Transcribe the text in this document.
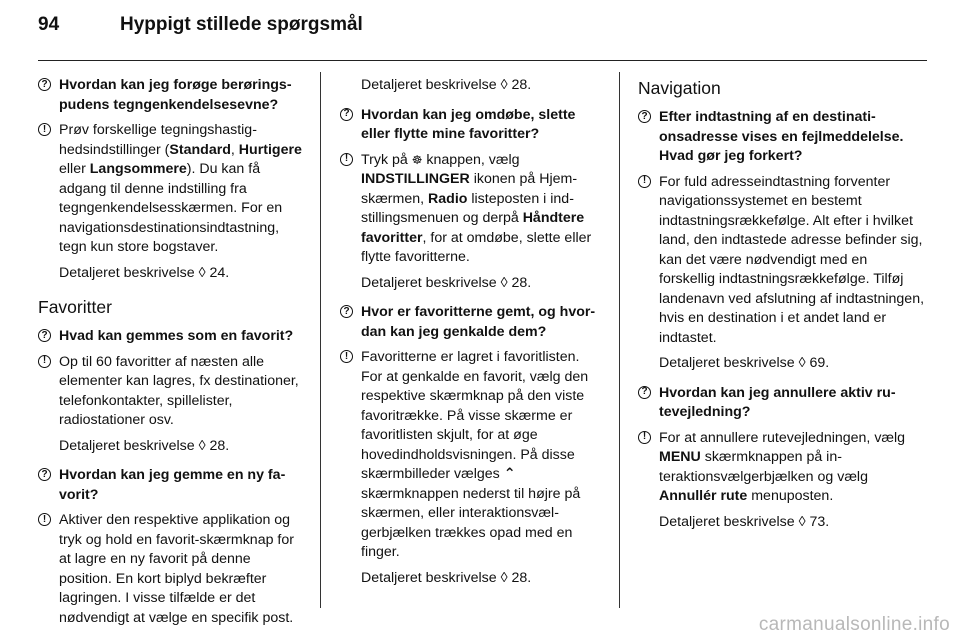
94	Hyppigt stillede spørgsmål
? Hvordan kan jeg forøge berøringspudens tegngenkendelsesevne?
! Prøv forskellige tegningshastighedsindstillinger (Standard, Hurtigere eller Langsommere). Du kan få adgang til denne indstilling fra tegngenkendelsesskærmen. For en navigationsdestinationsindtastning, tegn kun store bogstaver.
Detaljeret beskrivelse ◊ 24.
Favoritter
? Hvad kan gemmes som en favorit?
! Op til 60 favoritter af næsten alle elementer kan lagres, fx destinationer, telefonkontakter, spillelister, radiostationer osv.
Detaljeret beskrivelse ◊ 28.
? Hvordan kan jeg gemme en ny favorit?
! Aktiver den respektive applikation og tryk og hold en favorit-skærmknap for at lagre en ny favorit på denne position. En kort biplyd bekræfter lagringen. I visse tilfælde er det nødvendigt at vælge en specifik post.
Detaljeret beskrivelse ◊ 28.
? Hvordan kan jeg omdøbe, slette eller flytte mine favoritter?
! Tryk på ☸ knappen, vælg INDSTILLINGER ikonen på Hjemskærmen, Radio listeposten i indstillingsmenuen og derpå Håndtere favoritter, for at omdøbe, slette eller flytte favoritterne.
Detaljeret beskrivelse ◊ 28.
? Hvor er favoritterne gemt, og hvordan kan jeg genkalde dem?
! Favoritterne er lagret i favoritlisten. For at genkalde en favorit, vælg den respektive skærmknap på den viste favoritrække. På visse skærme er favoritlisten skjult, for at øge hovedindholdsvisningen. På disse skærmbilleder vælges ⌃ skærmknappen nederst til højre på skærmen, eller interaktionsvælgerbjælken trækkes opad med en finger.
Detaljeret beskrivelse ◊ 28.
Navigation
? Efter indtastning af en destinationsadresse vises en fejlmeddelelse. Hvad gør jeg forkert?
! For fuld adresseindtastning forventer navigationssystemet en bestemt indtastningsrækkefølge. Alt efter i hvilket land, den indtastede adresse befinder sig, kan det være nødvendigt med en forskellig indtastningsrækkefølge. Tilføj landenavn ved afslutning af indtastningen, hvis en destination i et andet land er indtastet.
Detaljeret beskrivelse ◊ 69.
? Hvordan kan jeg annullere aktiv rutevejledning?
! For at annullere rutevejledningen, vælg MENU skærmknappen på interaktionsvælgerbjælken og vælg Annullér rute menuposten.
Detaljeret beskrivelse ◊ 73.
carmanualsonline.info
